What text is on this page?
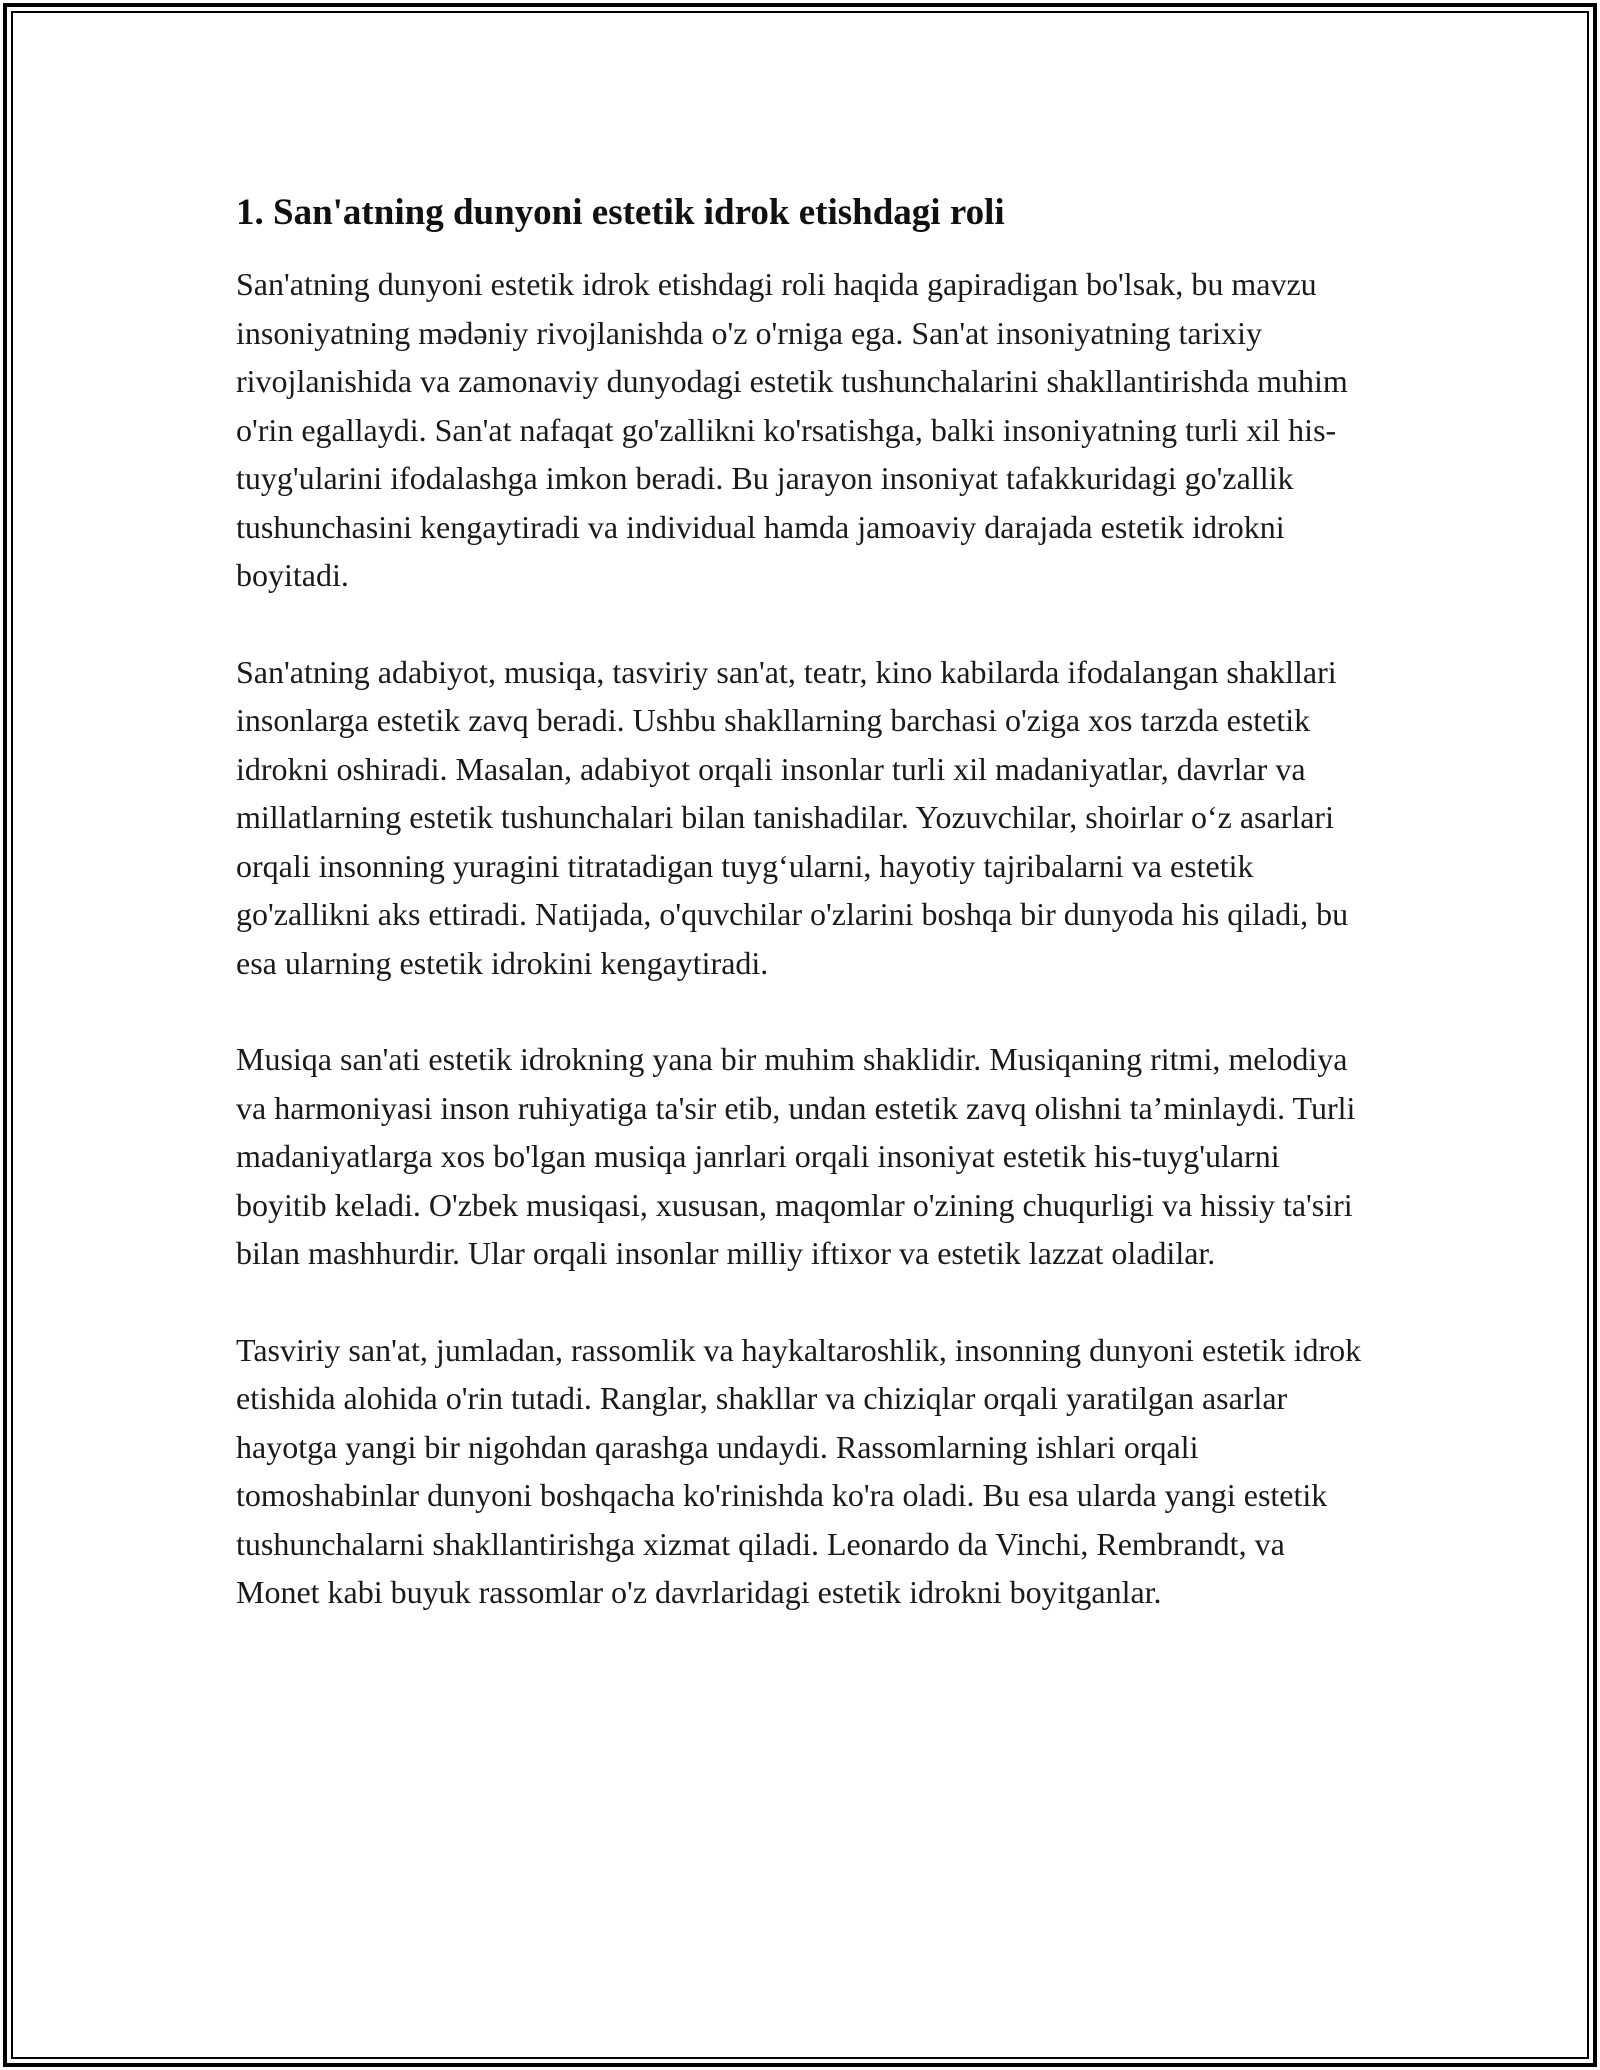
1. San'atning dunyoni estetik idrok etishdagi roli

San'atning dunyoni estetik idrok etishdagi roli haqida gapiradigan bo'lsak, bu mavzu insoniyatning mədəniy rivojlanishda o'z o'rniga ega. San'at insoniyatning tarixiy rivojlanishida va zamonaviy dunyodagi estetik tushunchalarini shakllantirishda muhim o'rin egallaydi. San'at nafaqat go'zallikni ko'rsatishga, balki insoniyatning turli xil his-tuyg'ularini ifodalashga imkon beradi. Bu jarayon insoniyat tafakkuridagi go'zallik tushunchasini kengaytiradi va individual hamda jamoaviy darajada estetik idrokni boyitadi.

San'atning adabiyot, musiqa, tasviriy san'at, teatr, kino kabilarda ifodalangan shakllari insonlarga estetik zavq beradi. Ushbu shakllarning barchasi o'ziga xos tarzda estetik idrokni oshiradi. Masalan, adabiyot orqali insonlar turli xil madaniyatlar, davrlar va millatlarning estetik tushunchalari bilan tanishadilar. Yozuvchilar, shoirlar o‘z asarlari orqali insonning yuragini titratadigan tuyg‘ularni, hayotiy tajribalarni va estetik go'zallikni aks ettiradi. Natijada, o'quvchilar o'zlarini boshqa bir dunyoda his qiladi, bu esa ularning estetik idrokini kengaytiradi.

Musiqa san'ati estetik idrokning yana bir muhim shaklidir. Musiqaning ritmi, melodiya va harmoniyasi inson ruhiyatiga ta'sir etib, undan estetik zavq olishni ta’minlaydi. Turli madaniyatlarga xos bo'lgan musiqa janrlari orqali insoniyat estetik his-tuyg'ularni boyitib keladi. O'zbek musiqasi, xususan, maqomlar o'zining chuqurligi va hissiy ta'siri bilan mashhurdir. Ular orqali insonlar milliy iftixor va estetik lazzat oladilar.

Tasviriy san'at, jumladan, rassomlik va haykaltaroshlik, insonning dunyoni estetik idrok etishida alohida o'rin tutadi. Ranglar, shakllar va chiziqlar orqali yaratilgan asarlar hayotga yangi bir nigohdan qarashga undaydi. Rassomlarning ishlari orqali tomoshabinlar dunyoni boshqacha ko'rinishda ko'ra oladi. Bu esa ularda yangi estetik tushunchalarni shakllantirishga xizmat qiladi. Leonardo da Vinchi, Rembrandt, va Monet kabi buyuk rassomlar o'z davrlaridagi estetik idrokni boyitganlar.
